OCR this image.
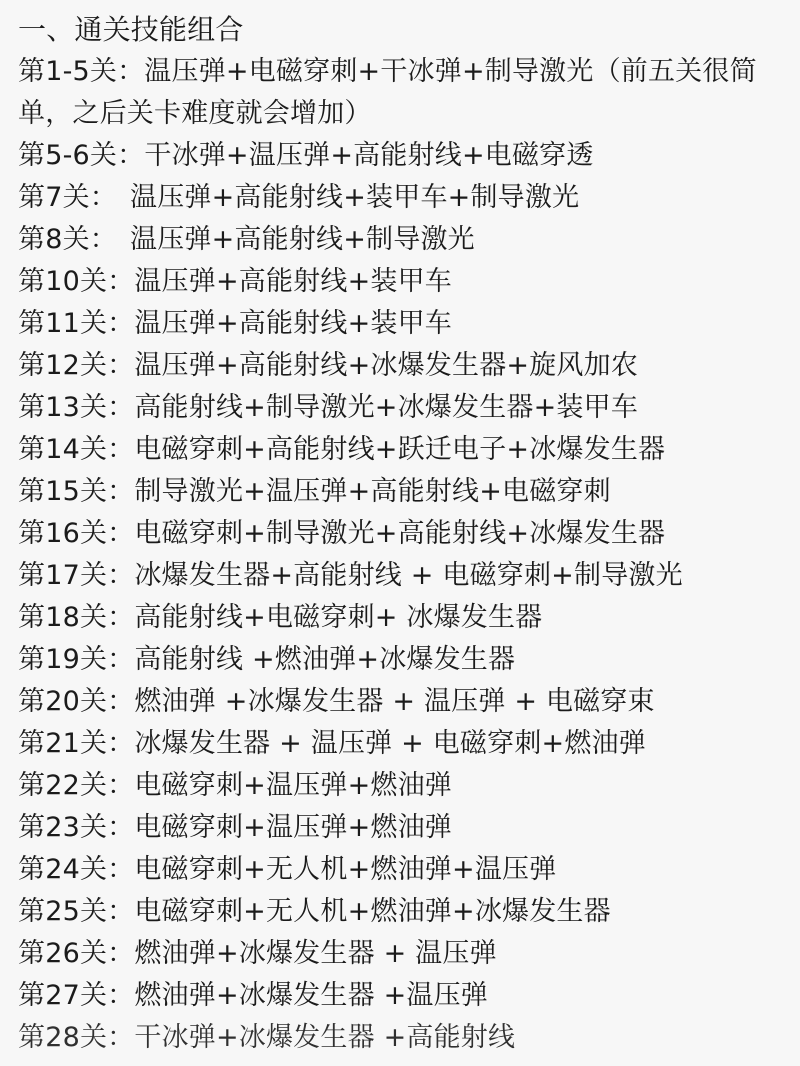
一、通关技能组合
第1-5关：温压弹+电磁穿刺+干冰弹+制导激光（前五关很简单，之后关卡难度就会增加）
第5-6关：干冰弹+温压弹+高能射线+电磁穿透
第7关： 温压弹+高能射线+装甲车+制导激光
第8关： 温压弹+高能射线+制导激光
第10关：温压弹+高能射线+装甲车
第11关：温压弹+高能射线+装甲车
第12关：温压弹+高能射线+冰爆发生器+旋风加农
第13关：高能射线+制导激光+冰爆发生器+装甲车
第14关：电磁穿刺+高能射线+跃迁电子+冰爆发生器
第15关：制导激光+温压弹+高能射线+电磁穿刺
第16关：电磁穿刺+制导激光+高能射线+冰爆发生器
第17关：冰爆发生器+高能射线 + 电磁穿刺+制导激光
第18关：高能射线+电磁穿刺+ 冰爆发生器
第19关：高能射线 +燃油弹+冰爆发生器
第20关：燃油弹 +冰爆发生器 + 温压弹 + 电磁穿束
第21关：冰爆发生器 + 温压弹 + 电磁穿刺+燃油弹
第22关：电磁穿刺+温压弹+燃油弹
第23关：电磁穿刺+温压弹+燃油弹
第24关：电磁穿刺+无人机+燃油弹+温压弹
第25关：电磁穿刺+无人机+燃油弹+冰爆发生器
第26关：燃油弹+冰爆发生器 + 温压弹
第27关：燃油弹+冰爆发生器 +温压弹
第28关：干冰弹+冰爆发生器 +高能射线
